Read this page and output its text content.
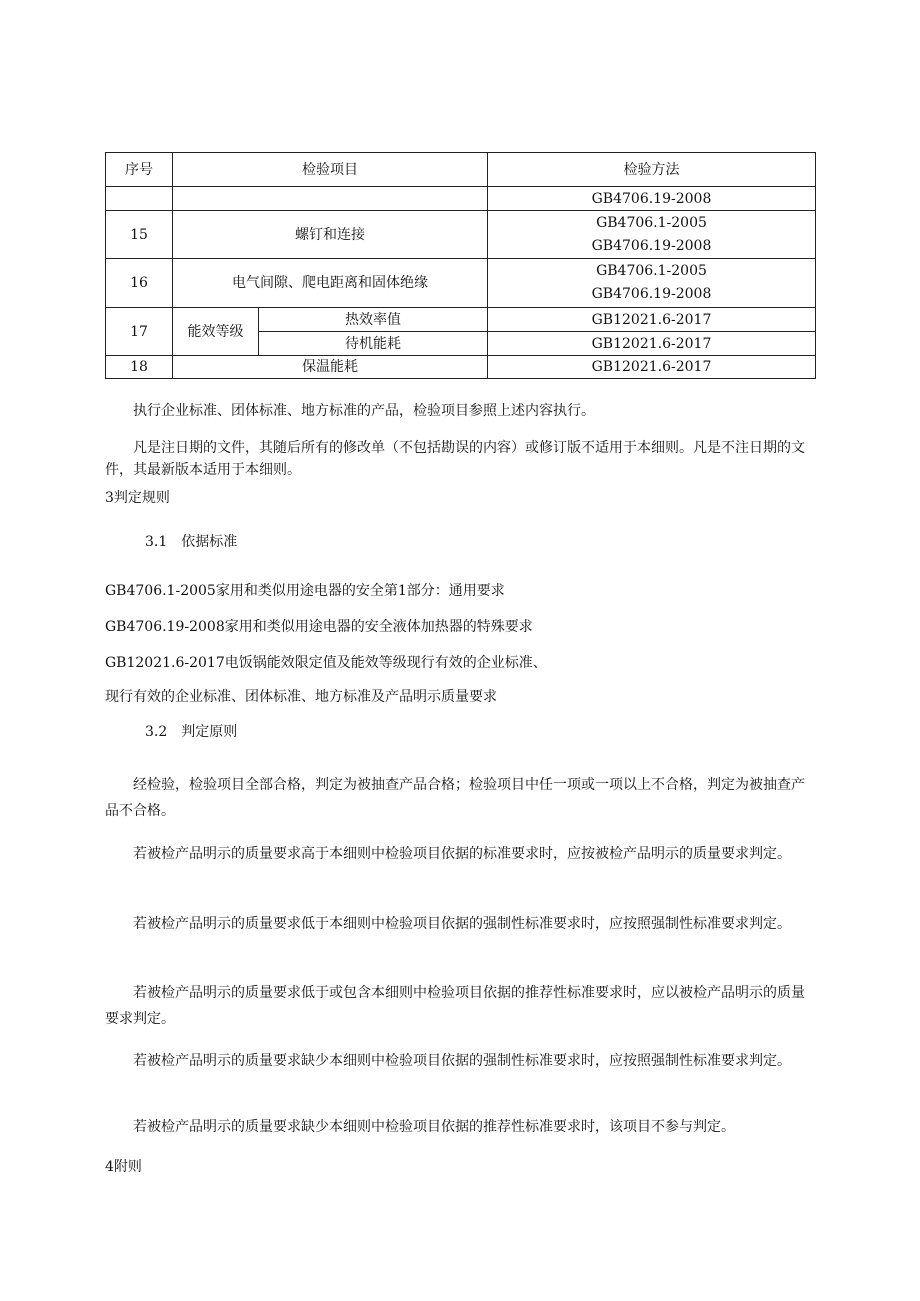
序号	检验项目		检验方法
			GB4706.19-2008
15	螺钉和连接		GB4706.1-2005
GB4706.19-2008

16	电气间隙、爬电距离和固体绝缘		GB4706.1-2005
GB4706.19-2008

17	能效等级	热效率值	GB12021.6-2017
		待机能耗	GB12021.6-2017
18	保温能耗		GB12021.6-2017
执行企业标准、团体标准、地方标准的产品，检验项目参照上述内容执行。
凡是注日期的文件，其随后所有的修改单（不包括勘误的内容）或修订版不适用于本细则。凡是不注日期的文件，其最新版本适用于本细则。
3判定规则
3.1　依据标准
GB4706.1-2005家用和类似用途电器的安全第1部分：通用要求
GB4706.19-2008家用和类似用途电器的安全液体加热器的特殊要求
GB12021.6-2017电饭锅能效限定值及能效等级现行有效的企业标准、
现行有效的企业标准、团体标准、地方标准及产品明示质量要求
3.2　判定原则
经检验，检验项目全部合格，判定为被抽查产品合格；检验项目中任一项或一项以上不合格，判定为被抽查产品不合格。
若被检产品明示的质量要求高于本细则中检验项目依据的标准要求时，应按被检产品明示的质量要求判定。
若被检产品明示的质量要求低于本细则中检验项目依据的强制性标准要求时，应按照强制性标准要求判定。
若被检产品明示的质量要求低于或包含本细则中检验项目依据的推荐性标准要求时，应以被检产品明示的质量要求判定。
若被检产品明示的质量要求缺少本细则中检验项目依据的强制性标准要求时，应按照强制性标准要求判定。
若被检产品明示的质量要求缺少本细则中检验项目依据的推荐性标准要求时，该项目不参与判定。
4附则
